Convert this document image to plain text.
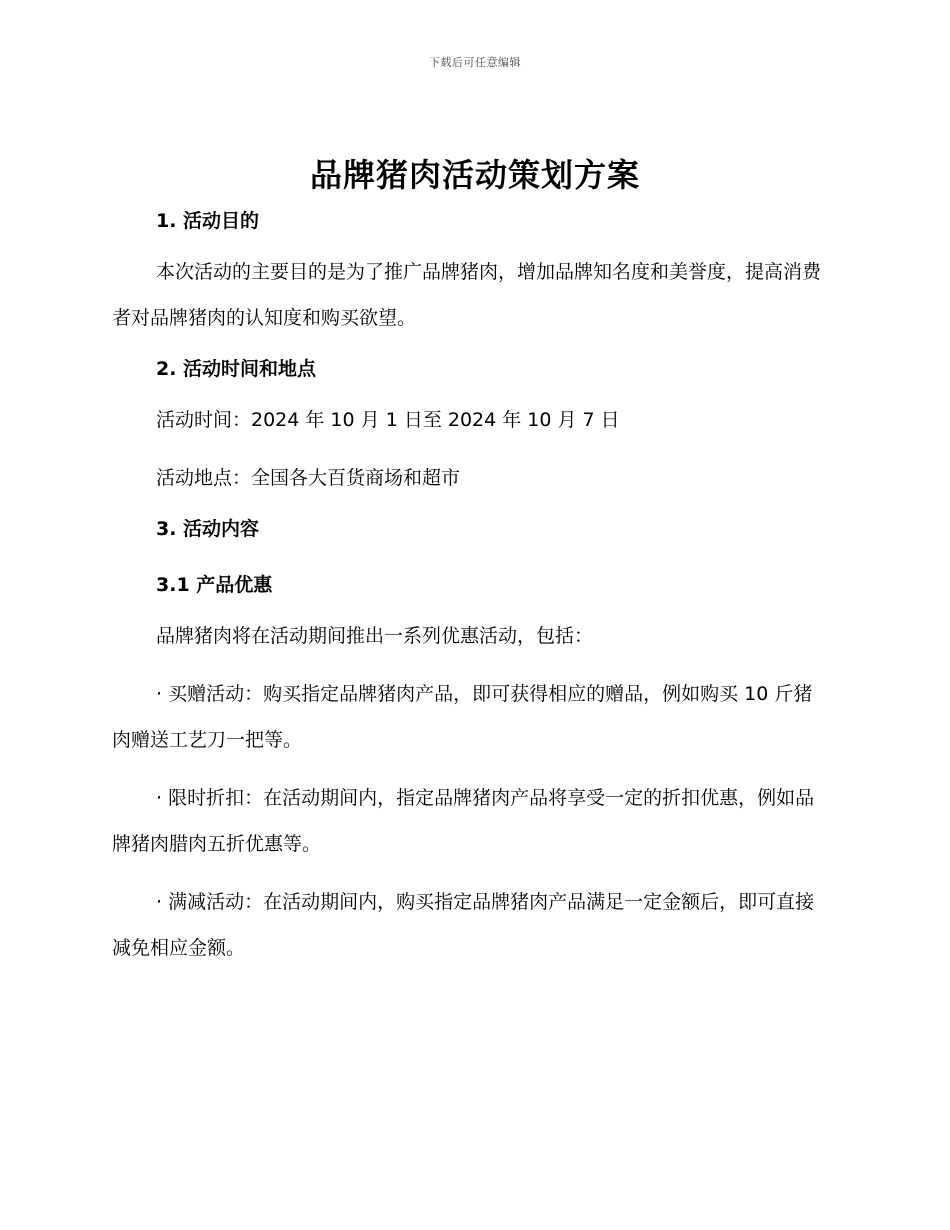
下载后可任意编辑
品牌猪肉活动策划方案

1. 活动目的

本次活动的主要目的是为了推广品牌猪肉，增加品牌知名度和美誉度，提高消费者对品牌猪肉的认知度和购买欲望。

2. 活动时间和地点

活动时间：2024 年 10 月 1 日至 2024 年 10 月 7 日

活动地点：全国各大百货商场和超市

3. 活动内容

3.1 产品优惠

品牌猪肉将在活动期间推出一系列优惠活动，包括：

· 买赠活动：购买指定品牌猪肉产品，即可获得相应的赠品，例如购买 10 斤猪肉赠送工艺刀一把等。

· 限时折扣：在活动期间内，指定品牌猪肉产品将享受一定的折扣优惠，例如品牌猪肉腊肉五折优惠等。

· 满减活动：在活动期间内，购买指定品牌猪肉产品满足一定金额后，即可直接减免相应金额。
